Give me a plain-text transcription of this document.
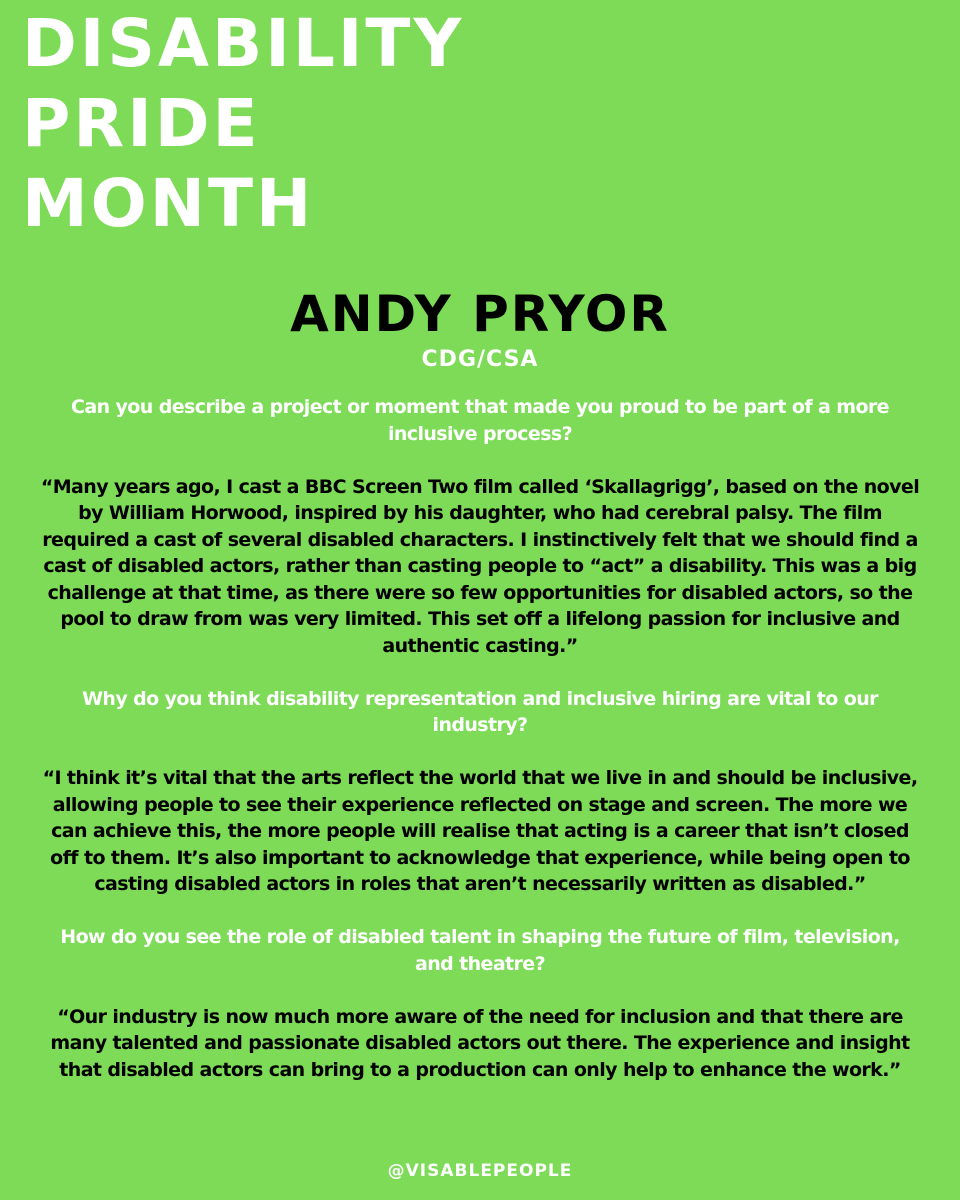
DISABILITY
PRIDE
MONTH
ANDY PRYOR
CDG/CSA

Can you describe a project or moment that made you proud to be part of a more inclusive process?

“Many years ago, I cast a BBC Screen Two film called ‘Skallagrigg’, based on the novel by William Horwood, inspired by his daughter, who had cerebral palsy. The film required a cast of several disabled characters. I instinctively felt that we should find a cast of disabled actors, rather than casting people to “act” a disability. This was a big challenge at that time, as there were so few opportunities for disabled actors, so the pool to draw from was very limited. This set off a lifelong passion for inclusive and authentic casting.”

Why do you think disability representation and inclusive hiring are vital to our industry?

“I think it’s vital that the arts reflect the world that we live in and should be inclusive, allowing people to see their experience reflected on stage and screen. The more we can achieve this, the more people will realise that acting is a career that isn’t closed off to them. It’s also important to acknowledge that experience, while being open to casting disabled actors in roles that aren’t necessarily written as disabled.”

How do you see the role of disabled talent in shaping the future of film, television, and theatre?

“Our industry is now much more aware of the need for inclusion and that there are many talented and passionate disabled actors out there. The experience and insight that disabled actors can bring to a production can only help to enhance the work.”

@VISABLEPEOPLE
